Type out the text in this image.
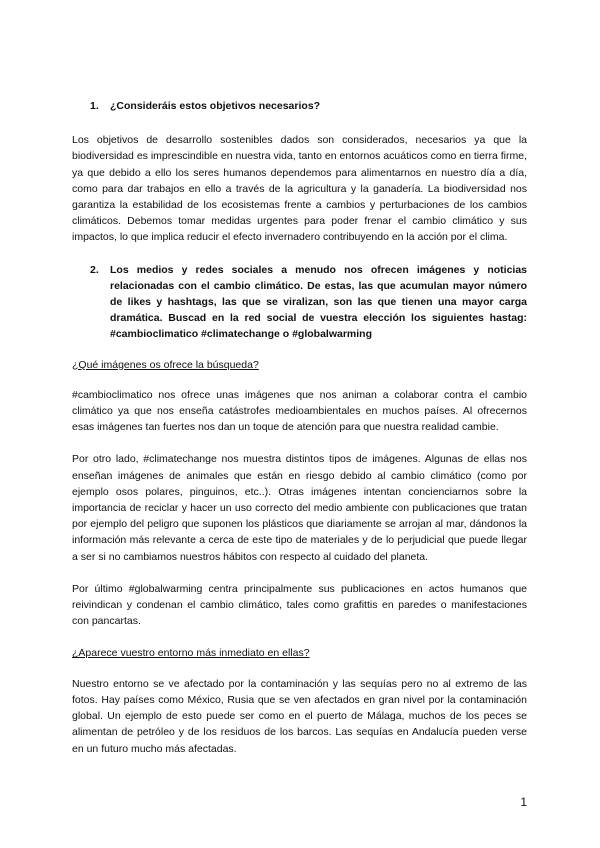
1.	¿Consideráis estos objetivos necesarios?

Los objetivos de desarrollo sostenibles dados son considerados, necesarios ya que la biodiversidad es imprescindible en nuestra vida, tanto en entornos acuáticos como en tierra firme, ya que debido a ello los seres humanos dependemos para alimentarnos en nuestro día a día, como para dar trabajos en ello a través de la agricultura y la ganadería. La biodiversidad nos garantiza la estabilidad de los ecosistemas frente a cambios y perturbaciones de los cambios climáticos. Debemos tomar medidas urgentes para poder frenar el cambio climático y sus impactos, lo que implica reducir el efecto invernadero contribuyendo en la acción por el clima.

2.	Los medios y redes sociales a menudo nos ofrecen imágenes y noticias relacionadas con el cambio climático. De estas, las que acumulan mayor número de likes y hashtags, las que se viralizan, son las que tienen una mayor carga dramática. Buscad en la red social de vuestra elección los siguientes hastag: #cambioclimatico #climatechange o #globalwarming

¿Qué imágenes os ofrece la búsqueda?

#cambioclimatico nos ofrece unas imágenes que nos animan a colaborar contra el cambio climático ya que nos enseña catástrofes medioambientales en muchos países. Al ofrecernos esas imágenes tan fuertes nos dan un toque de atención para que nuestra realidad cambie.

Por otro lado, #climatechange nos muestra distintos tipos de imágenes. Algunas de ellas nos enseñan imágenes de animales que están en riesgo debido al cambio climático (como por ejemplo osos polares, pinguinos, etc..). Otras imágenes intentan concienciarnos sobre la importancia de reciclar y hacer un uso correcto del medio ambiente con publicaciones que tratan por ejemplo del peligro que suponen los plásticos que diariamente se arrojan al mar, dándonos la información más relevante a cerca de este tipo de materiales y de lo perjudicial que puede llegar a ser si no cambiamos nuestros hábitos con respecto al cuidado del planeta.

Por último #globalwarming centra principalmente sus publicaciones en actos humanos que reivindican y condenan el cambio climático, tales como grafittis en paredes o manifestaciones con pancartas.

¿Aparece vuestro entorno más inmediato en ellas?

Nuestro entorno se ve afectado por la contaminación y las sequías pero no al extremo de las fotos. Hay países como México, Rusia que se ven afectados en gran nivel por la contaminación global. Un ejemplo de esto puede ser como en el puerto de Málaga, muchos de los peces se alimentan de petróleo y de los residuos de los barcos. Las sequías en Andalucía pueden verse en un futuro mucho más afectadas.

1
